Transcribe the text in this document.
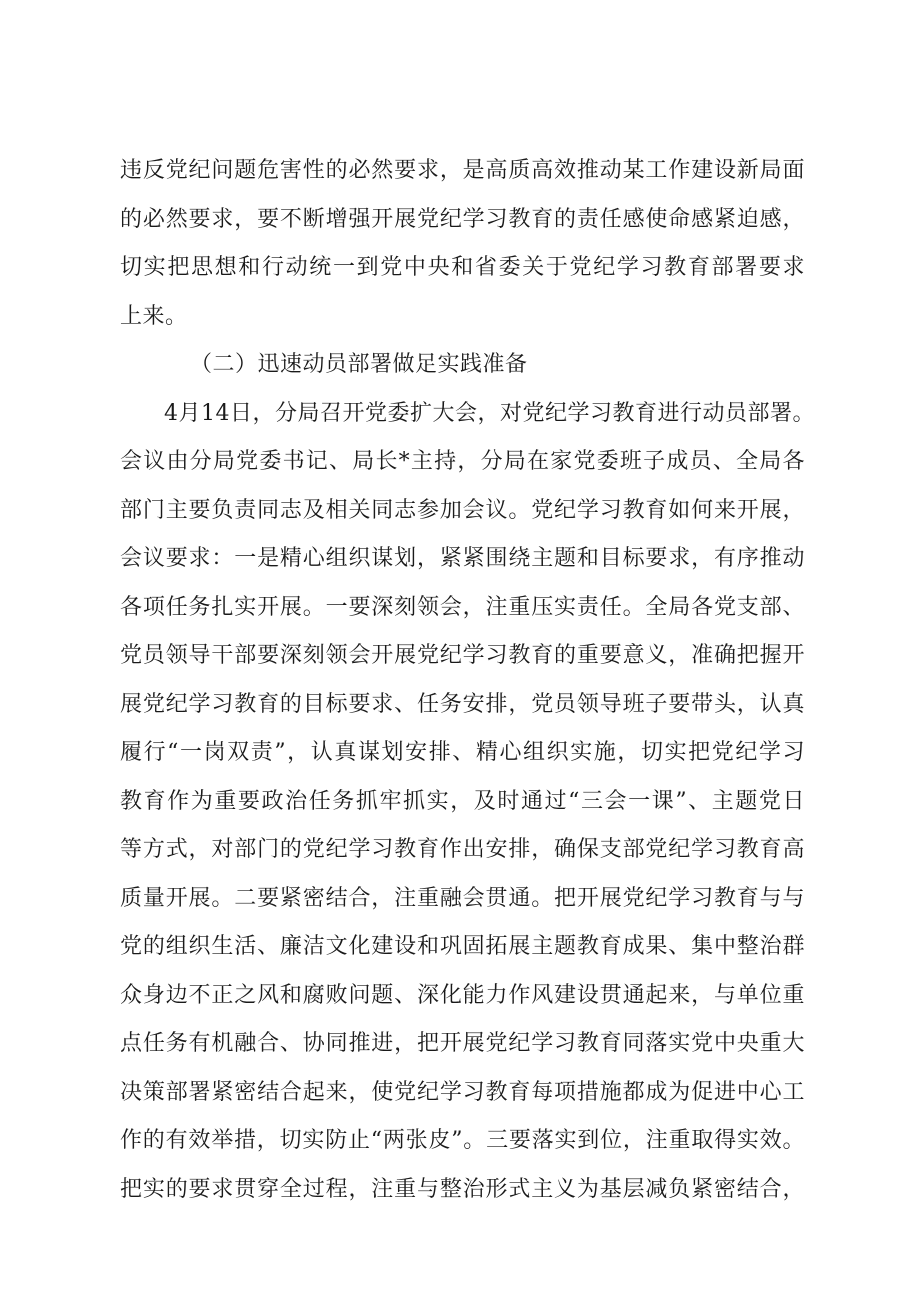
违反党纪问题危害性的必然要求，是高质高效推动某工作建设新局面
的必然要求，要不断增强开展党纪学习教育的责任感使命感紧迫感，
切实把思想和行动统一到党中央和省委关于党纪学习教育部署要求
上来。
（二）迅速动员部署做足实践准备
4月14日，分局召开党委扩大会，对党纪学习教育进行动员部署。
会议由分局党委书记、局长*主持，分局在家党委班子成员、全局各
部门主要负责同志及相关同志参加会议。党纪学习教育如何来开展，
会议要求：一是精心组织谋划，紧紧围绕主题和目标要求，有序推动
各项任务扎实开展。一要深刻领会，注重压实责任。全局各党支部、
党员领导干部要深刻领会开展党纪学习教育的重要意义，准确把握开
展党纪学习教育的目标要求、任务安排，党员领导班子要带头，认真
履行“一岗双责”，认真谋划安排、精心组织实施，切实把党纪学习
教育作为重要政治任务抓牢抓实，及时通过“三会一课”、主题党日
等方式，对部门的党纪学习教育作出安排，确保支部党纪学习教育高
质量开展。二要紧密结合，注重融会贯通。把开展党纪学习教育与与
党的组织生活、廉洁文化建设和巩固拓展主题教育成果、集中整治群
众身边不正之风和腐败问题、深化能力作风建设贯通起来，与单位重
点任务有机融合、协同推进，把开展党纪学习教育同落实党中央重大
决策部署紧密结合起来，使党纪学习教育每项措施都成为促进中心工
作的有效举措，切实防止“两张皮”。三要落实到位，注重取得实效。
把实的要求贯穿全过程，注重与整治形式主义为基层减负紧密结合，
